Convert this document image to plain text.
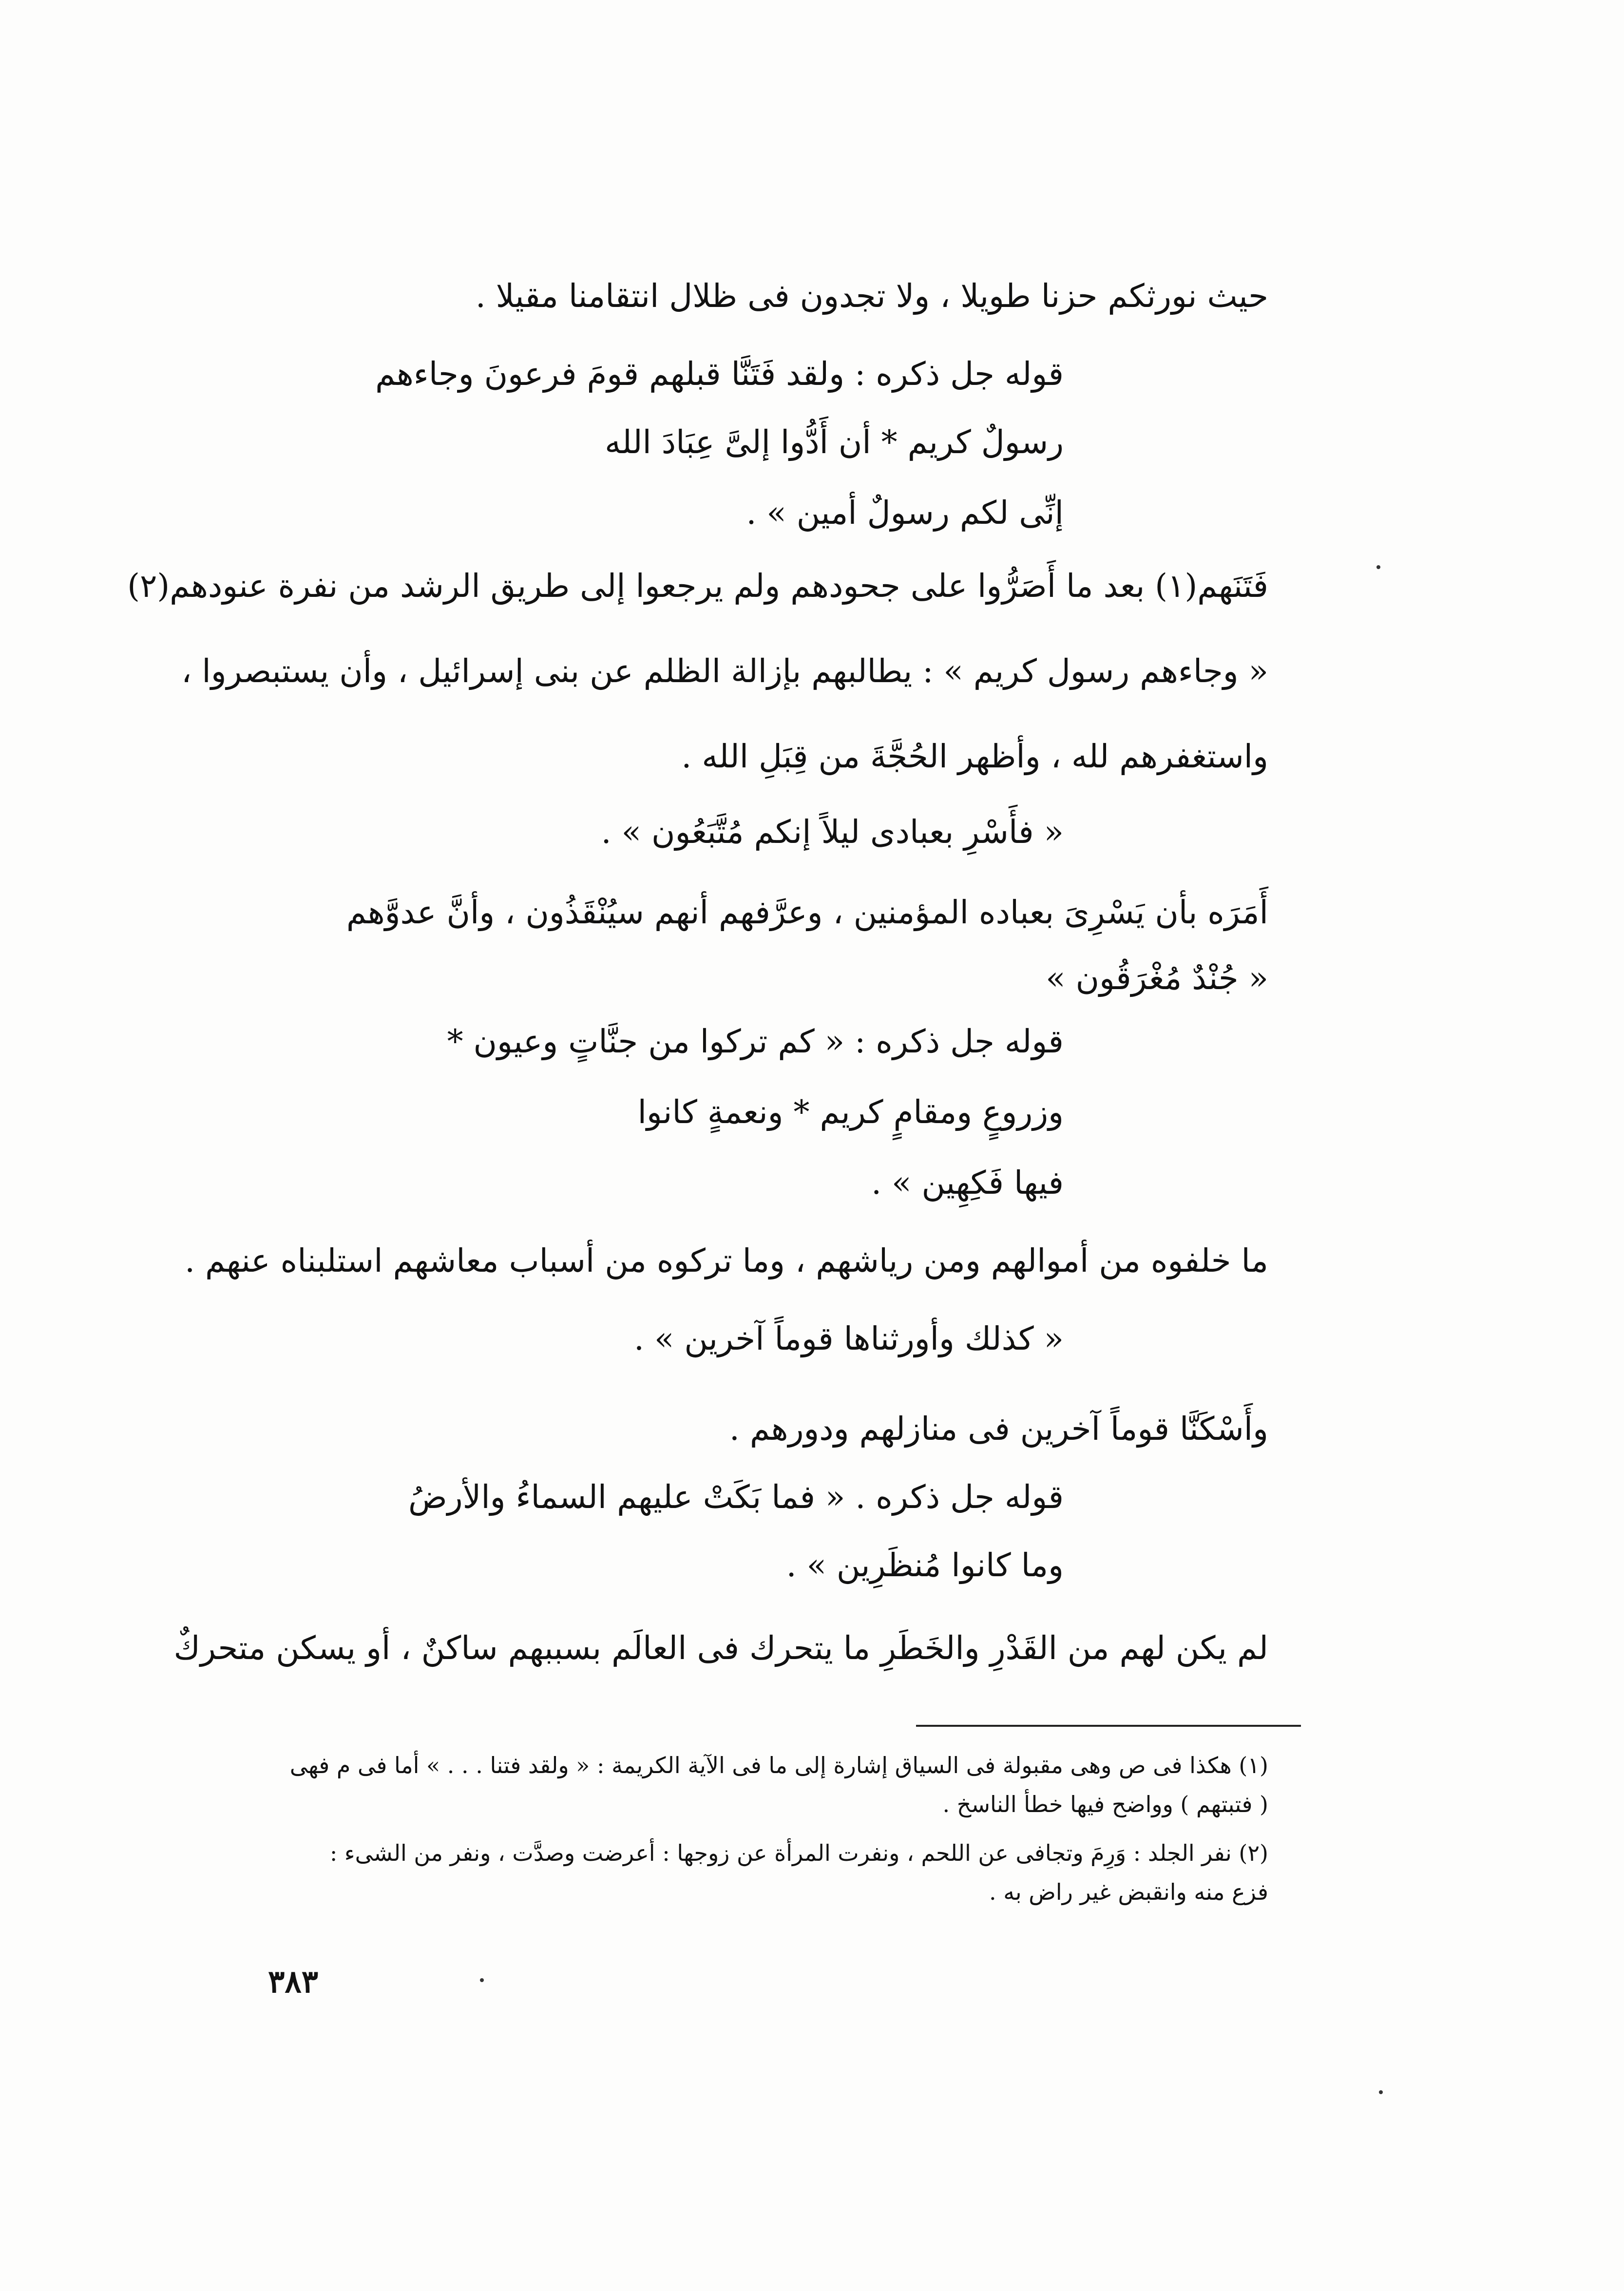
حيث نورثكم حزنا طويلا ، ولا تجدون فى ظلال انتقامنا مقيلا .
قوله جل ذكره : ولقد فَتَنَّا قبلهم قومَ فرعونَ وجاءهم
رسولٌ كريم * أن أَدُّوا إلىَّ عِبَادَ الله
إنِّى لكم رسولٌ أمين » .
فَتَنَهم(١) بعد ما أَصَرُّوا على جحودهم ولم يرجعوا إلى طريق الرشد من نفرة عنودهم(٢)
« وجاءهم رسول كريم » : يطالبهم بإزالة الظلم عن بنى إسرائيل ، وأن يستبصروا ،
واستغفرهم لله ، وأظهر الحُجَّةَ من قِبَلِ الله .
« فأَسْرِ بعبادى ليلاً إنكم مُتَّبَعُون » .
أَمَرَه بأن يَسْرِىَ بعباده المؤمنين ، وعرَّفهم أنهم سيُنْقَذُون ، وأنَّ عدوَّهم
« جُنْدٌ مُغْرَقُون »
قوله جل ذكره : « كم تركوا من جنَّاتٍ وعيون *
وزروعٍ ومقامٍ كريم * ونعمةٍ كانوا
فيها فَكِهِين » .
ما خلفوه من أموالهم ومن رياشهم ، وما تركوه من أسباب معاشهم استلبناه عنهم .
« كذلك وأورثناها قوماً آخرين » .
وأَسْكَنَّا قوماً آخرين فى منازلهم ودورهم .
قوله جل ذكره . « فما بَكَتْ عليهم السماءُ والأرضُ
وما كانوا مُنظَرِين » .
لم يكن لهم من القَدْرِ والخَطَرِ ما يتحرك فى العالَم بسببهم ساكنٌ ، أو يسكن متحركٌ
(١) هكذا فى ص وهى مقبولة فى السياق إشارة إلى ما فى الآية الكريمة : « ولقد فتنا . . . » أما فى م فهى
( فتبتهم ) وواضح فيها خطأ الناسخ .
(٢) نفر الجلد : وَرِمَ وتجافى عن اللحم ، ونفرت المرأة عن زوجها : أعرضت وصدَّت ، ونفر من الشىء :
فزع منه وانقبض غير راض به .
٣٨٣
